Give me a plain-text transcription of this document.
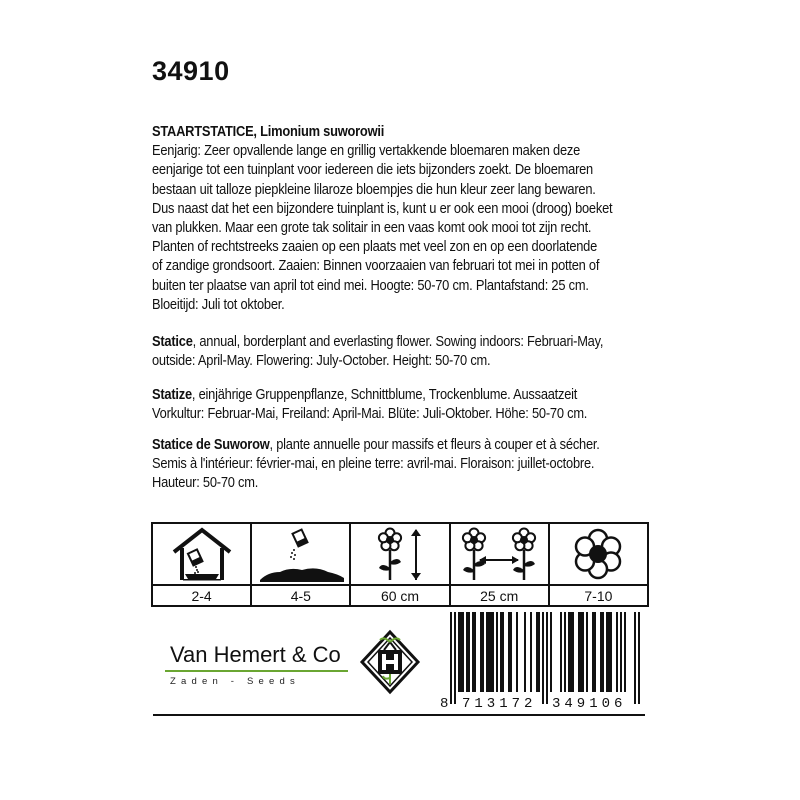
34910
STAARTSTATICE, Limonium suworowii
Eenjarig: Zeer opvallende lange en grillig vertakkende bloemaren maken deze
eenjarige tot een tuinplant voor iedereen die iets bijzonders zoekt. De bloemaren
bestaan uit talloze piepkleine lilaroze bloempjes die hun kleur zeer lang bewaren.
Dus naast dat het een bijzondere tuinplant is, kunt u er ook een mooi (droog) boeket
van plukken. Maar een grote tak solitair in een vaas komt ook mooi tot zijn recht.
Planten of rechtstreeks zaaien op een plaats met veel zon en op een doorlatende
of zandige grondsoort. Zaaien: Binnen voorzaaien van februari tot mei in potten of
buiten ter plaatse van april tot eind mei. Hoogte: 50-70 cm. Plantafstand: 25 cm.
Bloeitijd: Juli tot oktober.
Statice, annual, borderplant and everlasting flower. Sowing indoors: Februari-May,
outside: April-May. Flowering: July-October. Height: 50-70 cm.
Statize, einjährige Gruppenpflanze, Schnittblume, Trockenblume. Aussaatzeit
Vorkultur: Februar-Mai, Freiland: April-Mai. Blüte: Juli-Oktober. Höhe: 50-70 cm.
Statice de Suworow, plante annuelle pour massifs et fleurs à couper et à sécher.
Semis à l'intérieur: février-mai, en pleine terre: avril-mai. Floraison: juillet-octobre.
Hauteur: 50-70 cm.
2-4	4-5	60 cm	25 cm	7-10
Van Hemert & Co
Zaden - Seeds
8 713172 349106
